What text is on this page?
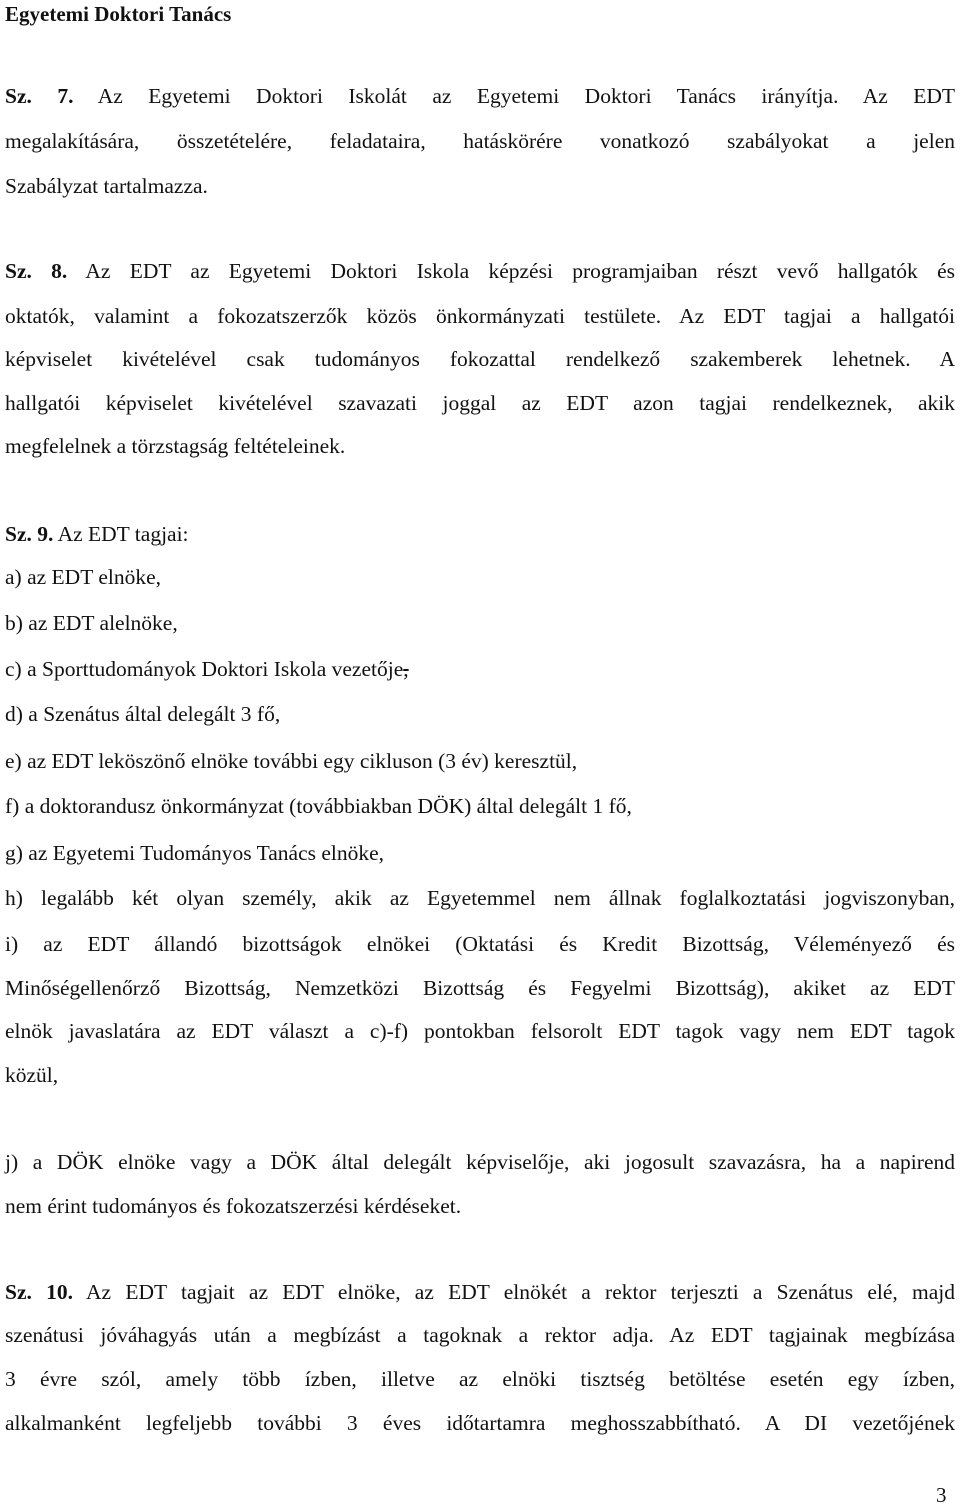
Egyetemi Doktori Tanács
Sz. 7. Az Egyetemi Doktori Iskolát az Egyetemi Doktori Tanács irányítja. Az EDT
megalakítására, összetételére, feladataira, hatáskörére vonatkozó szabályokat a jelen
Szabályzat tartalmazza.
Sz. 8. Az EDT az Egyetemi Doktori Iskola képzési programjaiban részt vevő hallgatók és
oktatók, valamint a fokozatszerzők közös önkormányzati testülete. Az EDT tagjai a hallgatói
képviselet kivételével csak tudományos fokozattal rendelkező szakemberek lehetnek. A
hallgatói képviselet kivételével szavazati joggal az EDT azon tagjai rendelkeznek, akik
megfelelnek a törzstagság feltételeinek.
Sz. 9. Az EDT tagjai:
a) az EDT elnöke,
b) az EDT alelnöke,
c) a Sporttudományok Doktori Iskola vezetője,
d) a Szenátus által delegált 3 fő,
e) az EDT leköszönő elnöke további egy cikluson (3 év) keresztül,
f) a doktorandusz önkormányzat (továbbiakban DÖK) által delegált 1 fő,
g) az Egyetemi Tudományos Tanács elnöke,
h) legalább két olyan személy, akik az Egyetemmel nem állnak foglalkoztatási jogviszonyban,
i) az EDT állandó bizottságok elnökei (Oktatási és Kredit Bizottság, Véleményező és
Minőségellenőrző Bizottság, Nemzetközi Bizottság és Fegyelmi Bizottság), akiket az EDT
elnök javaslatára az EDT választ a c)-f) pontokban felsorolt EDT tagok vagy nem EDT tagok
közül,
j) a DÖK elnöke vagy a DÖK által delegált képviselője, aki jogosult szavazásra, ha a napirend
nem érint tudományos és fokozatszerzési kérdéseket.
Sz. 10. Az EDT tagjait az EDT elnöke, az EDT elnökét a rektor terjeszti a Szenátus elé, majd
szenátusi jóváhagyás után a megbízást a tagoknak a rektor adja. Az EDT tagjainak megbízása
3 évre szól, amely több ízben, illetve az elnöki tisztség betöltése esetén egy ízben,
alkalmanként legfeljebb további 3 éves időtartamra meghosszabbítható. A DI vezetőjének
3
